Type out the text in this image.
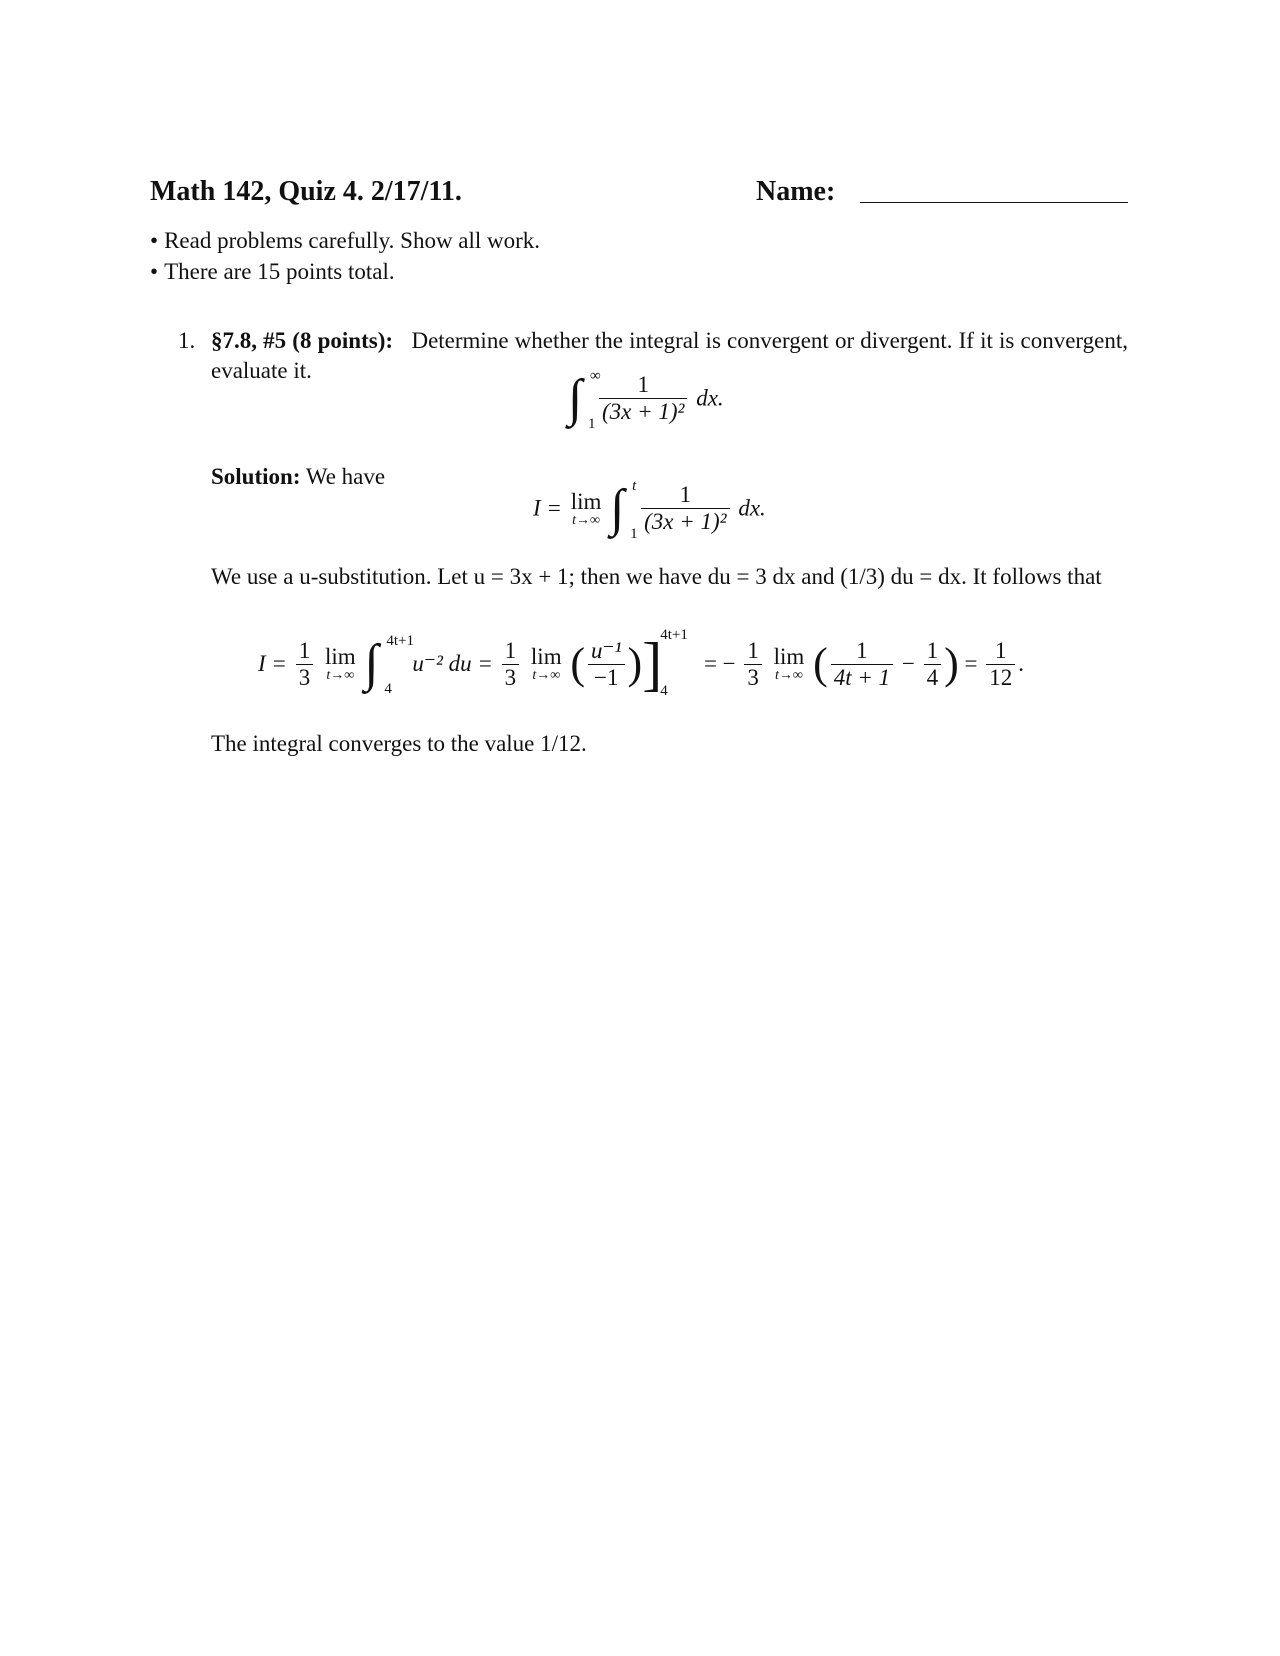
Math 142, Quiz 4. 2/17/11.	Name:
• Read problems carefully. Show all work.
• There are 15 points total.
1. §7.8, #5 (8 points): Determine whether the integral is convergent or divergent. If it is convergent, evaluate it.	∫ ∞
1
$\frac{1}{\text{(3x + 1)²}}$ dx.
Solution: We have
I = lim
t→∞ ∫ t
1
$\frac{1}{\text{(3x + 1)²}}$ dx.
We use a u-substitution. Let u = 3x + 1; then we have du = 3 dx and (1/3) du = dx. It follows that
$I = \frac{1}{3}$
lim
t→∞ ∫ 4t+1
4
u⁻² du = $\frac{1}{3}$
lim
t→∞ ( $\frac{\text{u⁻¹}}{-1}$ )]
4t+1
4
= − $\frac{1}{3}$
lim
t→∞ ( $\frac{1}{4t + 1} - \frac{1}{4}$ ) = $\frac{1}{12}$ .
The integral converges to the value 1/12.
